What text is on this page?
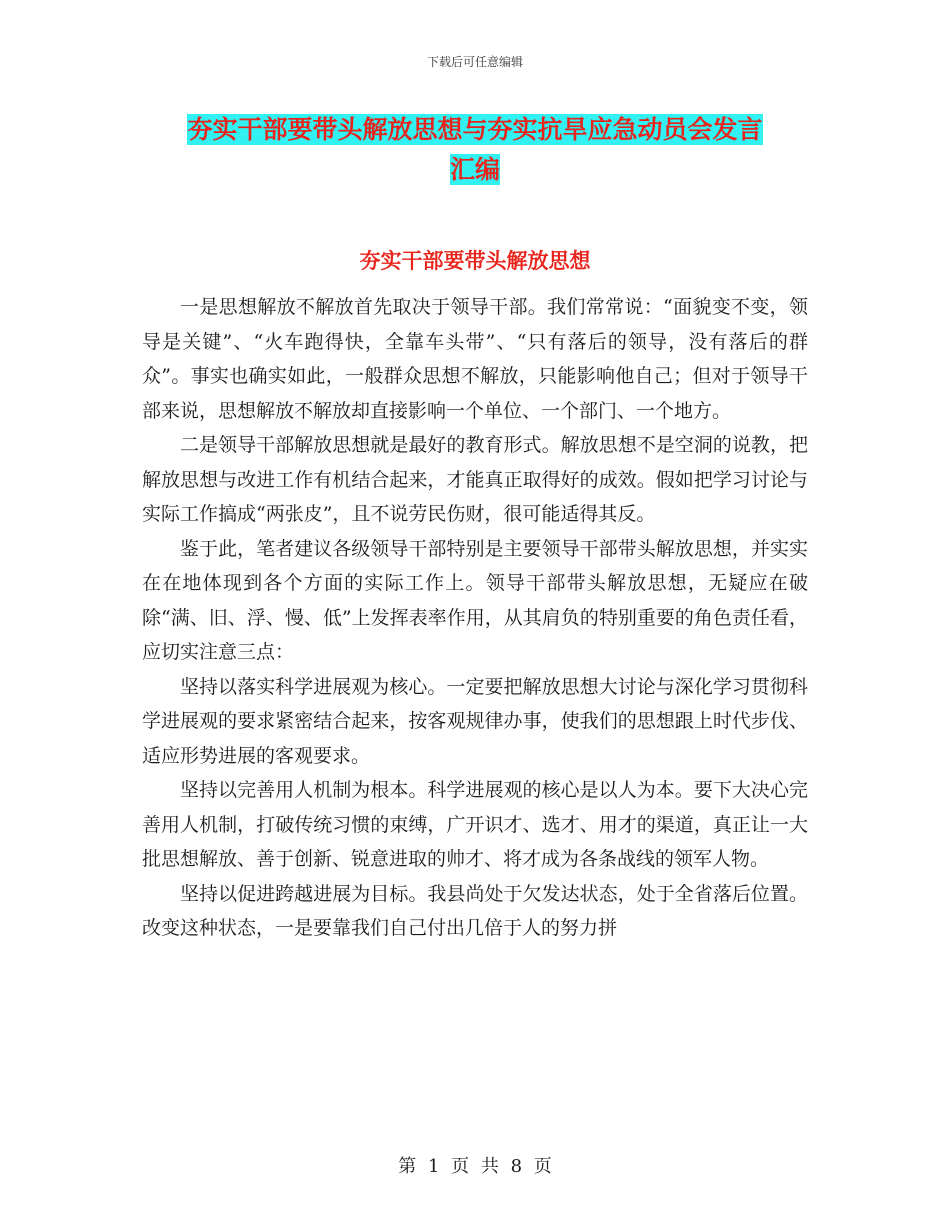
下载后可任意编辑
夯实干部要带头解放思想与夯实抗旱应急动员会发言
汇编
夯实干部要带头解放思想

一是思想解放不解放首先取决于领导干部。我们常常说：“面貌变不变，领导是关键”、“火车跑得快，全靠车头带”、“只有落后的领导，没有落后的群众”。事实也确实如此，一般群众思想不解放，只能影响他自己；但对于领导干部来说，思想解放不解放却直接影响一个单位、一个部门、一个地方。

二是领导干部解放思想就是最好的教育形式。解放思想不是空洞的说教，把解放思想与改进工作有机结合起来，才能真正取得好的成效。假如把学习讨论与实际工作搞成“两张皮”，且不说劳民伤财，很可能适得其反。

鉴于此，笔者建议各级领导干部特别是主要领导干部带头解放思想，并实实在在地体现到各个方面的实际工作上。领导干部带头解放思想，无疑应在破除“满、旧、浮、慢、低”上发挥表率作用，从其肩负的特别重要的角色责任看，应切实注意三点：

坚持以落实科学进展观为核心。一定要把解放思想大讨论与深化学习贯彻科学进展观的要求紧密结合起来，按客观规律办事，使我们的思想跟上时代步伐、适应形势进展的客观要求。

坚持以完善用人机制为根本。科学进展观的核心是以人为本。要下大决心完善用人机制，打破传统习惯的束缚，广开识才、选才、用才的渠道，真正让一大批思想解放、善于创新、锐意进取的帅才、将才成为各条战线的领军人物。

坚持以促进跨越进展为目标。我县尚处于欠发达状态，处于全省落后位置。改变这种状态，一是要靠我们自己付出几倍于人的努力拼

第 1 页 共 8 页
